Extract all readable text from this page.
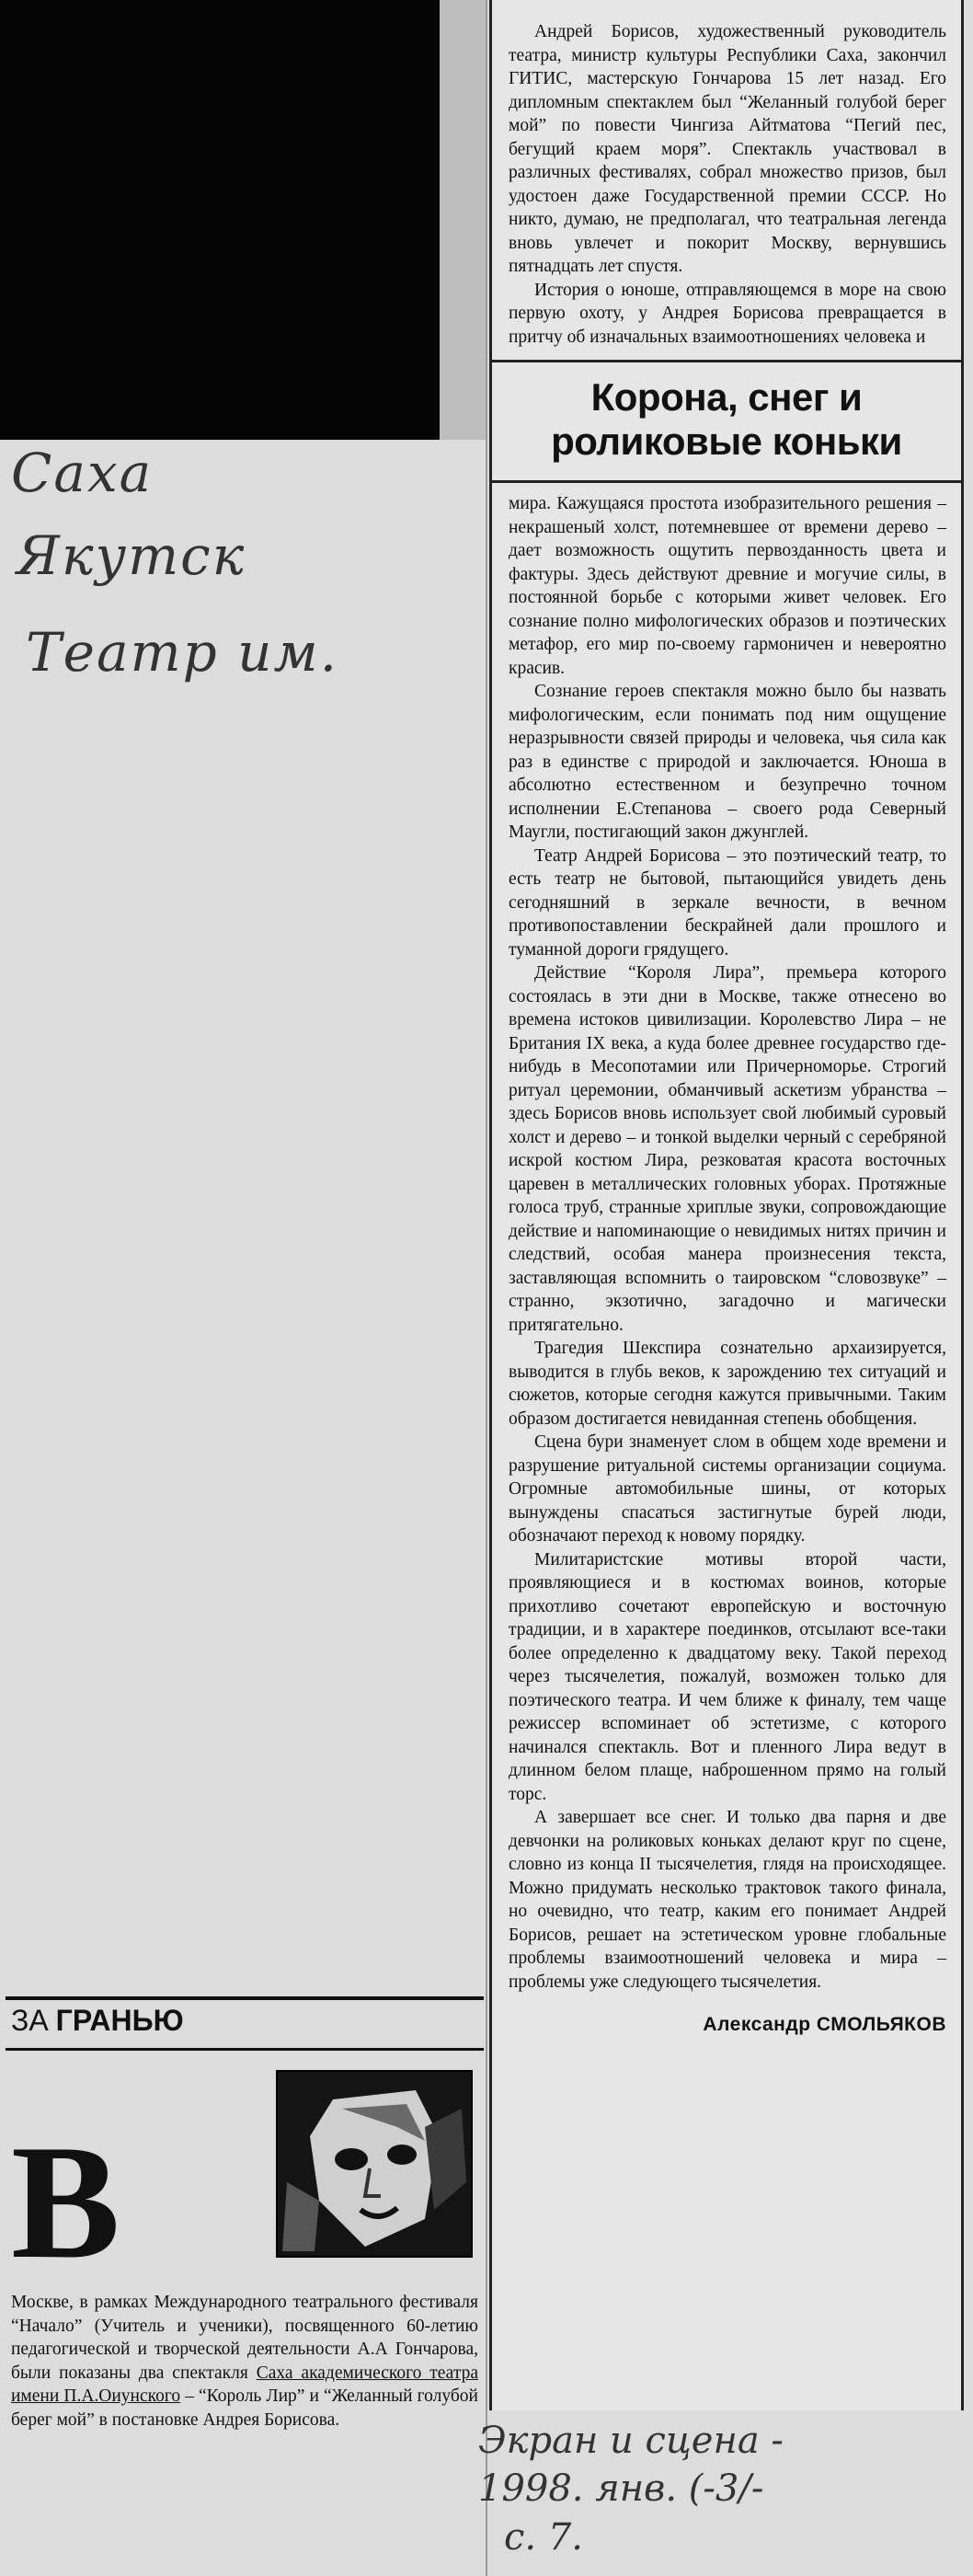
Саха
Якутск
Театр им.

Андрей Борисов, художественный руководитель театра, министр культуры Республики Саха, закончил ГИТИС, мастерскую Гончарова 15 лет назад. Его дипломным спектаклем был “Желанный голубой берег мой” по повести Чингиза Айтматова “Пегий пес, бегущий краем моря”. Спектакль участвовал в различных фестивалях, собрал множество призов, был удостоен даже Государственной премии СССР. Но никто, думаю, не предполагал, что театральная легенда вновь увлечет и покорит Москву, вернувшись пятнадцать лет спустя.

История о юноше, отправляющемся в море на свою первую охоту, у Андрея Борисова превращается в притчу об изначальных взаимоотношениях человека и

Корона, снег и роликовые коньки

мира. Кажущаяся простота изобразительного решения – некрашеный холст, потемневшее от времени дерево – дает возможность ощутить первозданность цвета и фактуры. Здесь действуют древние и могучие силы, в постоянной борьбе с которыми живет человек. Его сознание полно мифологических образов и поэтических метафор, его мир по-своему гармоничен и невероятно красив.

Сознание героев спектакля можно было бы назвать мифологическим, если понимать под ним ощущение неразрывности связей природы и человека, чья сила как раз в единстве с природой и заключается. Юноша в абсолютно естественном и безупречно точном исполнении Е.Степанова – своего рода Северный Маугли, постигающий закон джунглей.

Театр Андрей Борисова – это поэтический театр, то есть театр не бытовой, пытающийся увидеть день сегодняшний в зеркале вечности, в вечном противопоставлении бескрайней дали прошлого и туманной дороги грядущего.

Действие “Короля Лира”, премьера которого состоялась в эти дни в Москве, также отнесено во времена истоков цивилизации. Королевство Лира – не Британия IX века, а куда более древнее государство где-нибудь в Месопотамии или Причерноморье. Строгий ритуал церемонии, обманчивый аскетизм убранства – здесь Борисов вновь использует свой любимый суровый холст и дерево – и тонкой выделки черный с серебряной искрой костюм Лира, резковатая красота восточных царевен в металлических головных уборах. Протяжные голоса труб, странные хриплые звуки, сопровождающие действие и напоминающие о невидимых нитях причин и следствий, особая манера произнесения текста, заставляющая вспомнить о таировском “словозвуке” – странно, экзотично, загадочно и магически притягательно.

Трагедия Шекспира сознательно архаизируется, выводится в глубь веков, к зарождению тех ситуаций и сюжетов, которые сегодня кажутся привычными. Таким образом достигается невиданная степень обобщения.

Сцена бури знаменует слом в общем ходе времени и разрушение ритуальной системы организации социума. Огромные автомобильные шины, от которых вынуждены спасаться застигнутые бурей люди, обозначают переход к новому порядку.

Милитаристские мотивы второй части, проявляющиеся и в костюмах воинов, которые прихотливо сочетают европейскую и восточную традиции, и в характере поединков, отсылают все-таки более определенно к двадцатому веку. Такой переход через тысячелетия, пожалуй, возможен только для поэтического театра. И чем ближе к финалу, тем чаще режиссер вспоминает об эстетизме, с которого начинался спектакль. Вот и пленного Лира ведут в длинном белом плаще, наброшенном прямо на голый торс.

А завершает все снег. И только два парня и две девчонки на роликовых коньках делают круг по сцене, словно из конца II тысячелетия, глядя на происходящее. Можно придумать несколько трактовок такого финала, но очевидно, что театр, каким его понимает Андрей Борисов, решает на эстетическом уровне глобальные проблемы взаимоотношений человека и мира – проблемы уже следующего тысячелетия.

Александр СМОЛЬЯКОВ
ЗА ГРАНЬЮ
В
Москве, в рамках Международного театрального фестиваля “Начало” (Учитель и ученики), посвященного 60-летию педагогической и творческой деятельности А.А Гончарова, были показаны два спектакля Саха академического театра имени П.А.Оиунского – “Король Лир” и “Желанный голубой берег мой” в постановке Андрея Борисова.	Экран и сцена -
1998. янв. (-3/-
с. 7.
